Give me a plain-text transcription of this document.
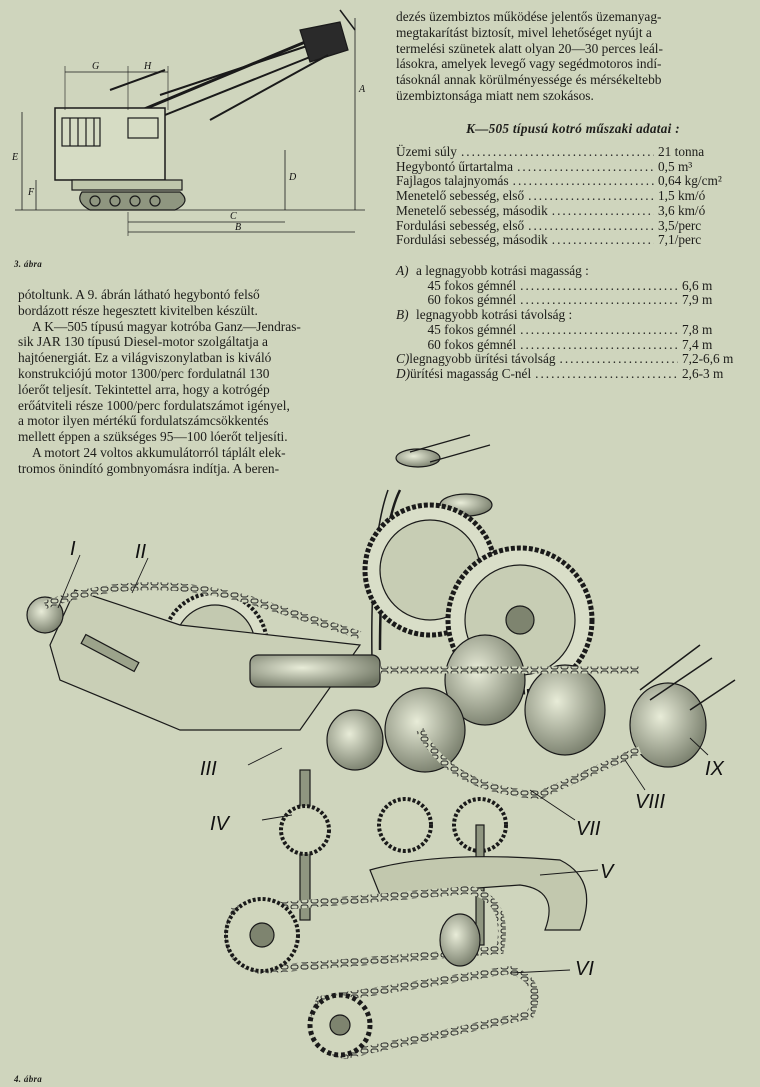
G	H
A
E
F
D
C
B
3. ábra

dezés üzembiztos működése jelentős üzemanyag-

megtakarítást biztosít, mivel lehetőséget nyújt a

termelési szünetek alatt olyan 20—30 perces leál-

lásokra, amelyek levegő vagy segédmotoros indí-

tásoknál annak körülményessége és mérsékeltebb

üzembiztonsága miatt nem szokásos.

K—505 típusú kotró műszaki adatai :
Üzemi súly .....	21 tonna
Hegybontó űrtartalma .....	0,5 m³
Fajlagos talajnyomás .....	0,64 kg/cm²
Menetelő sebesség, első .....	1,5 km/ó
Menetelő sebesség, második .....	3,6 km/ó
Fordulási sebesség, első .....	3,5/perc
Fordulási sebesség, második .....	7,1/perc
A) a legnagyobb kotrási magasság :
45 fokos gémnél .....	6,6 m
60 fokos gémnél .....	7,9 m
B) legnagyobb kotrási távolság :
45 fokos gémnél .....	7,8 m
60 fokos gémnél .....	7,4 m
C) legnagyobb ürítési távolság .....	7,2-6,6 m
D) ürítési magasság C-nél .....	2,6-3 m

pótoltunk. A 9. ábrán látható hegybontó felső

bordázott része hegesztett kivitelben készült.

A K—505 típusú magyar kotróba Ganz—Jendras-

sik JAR 130 típusú Diesel-motor szolgáltatja a

hajtóenergiát. Ez a világviszonylatban is kiváló

konstrukciójú motor 1300/perc fordulatnál 130

lóerőt teljesít. Tekintettel arra, hogy a kotrógép

erőátviteli része 1000/perc fordulatszámot igényel,

a motor ilyen mértékű fordulatszámcsökkentés

mellett éppen a szükséges 95—100 lóerőt teljesíti.

A motort 24 voltos akkumulátorról táplált elek-

tromos önindító gombnyomásra indítja. A beren-

I	II
III
IV
V
VI
VII
VIII
IX
4. ábra
